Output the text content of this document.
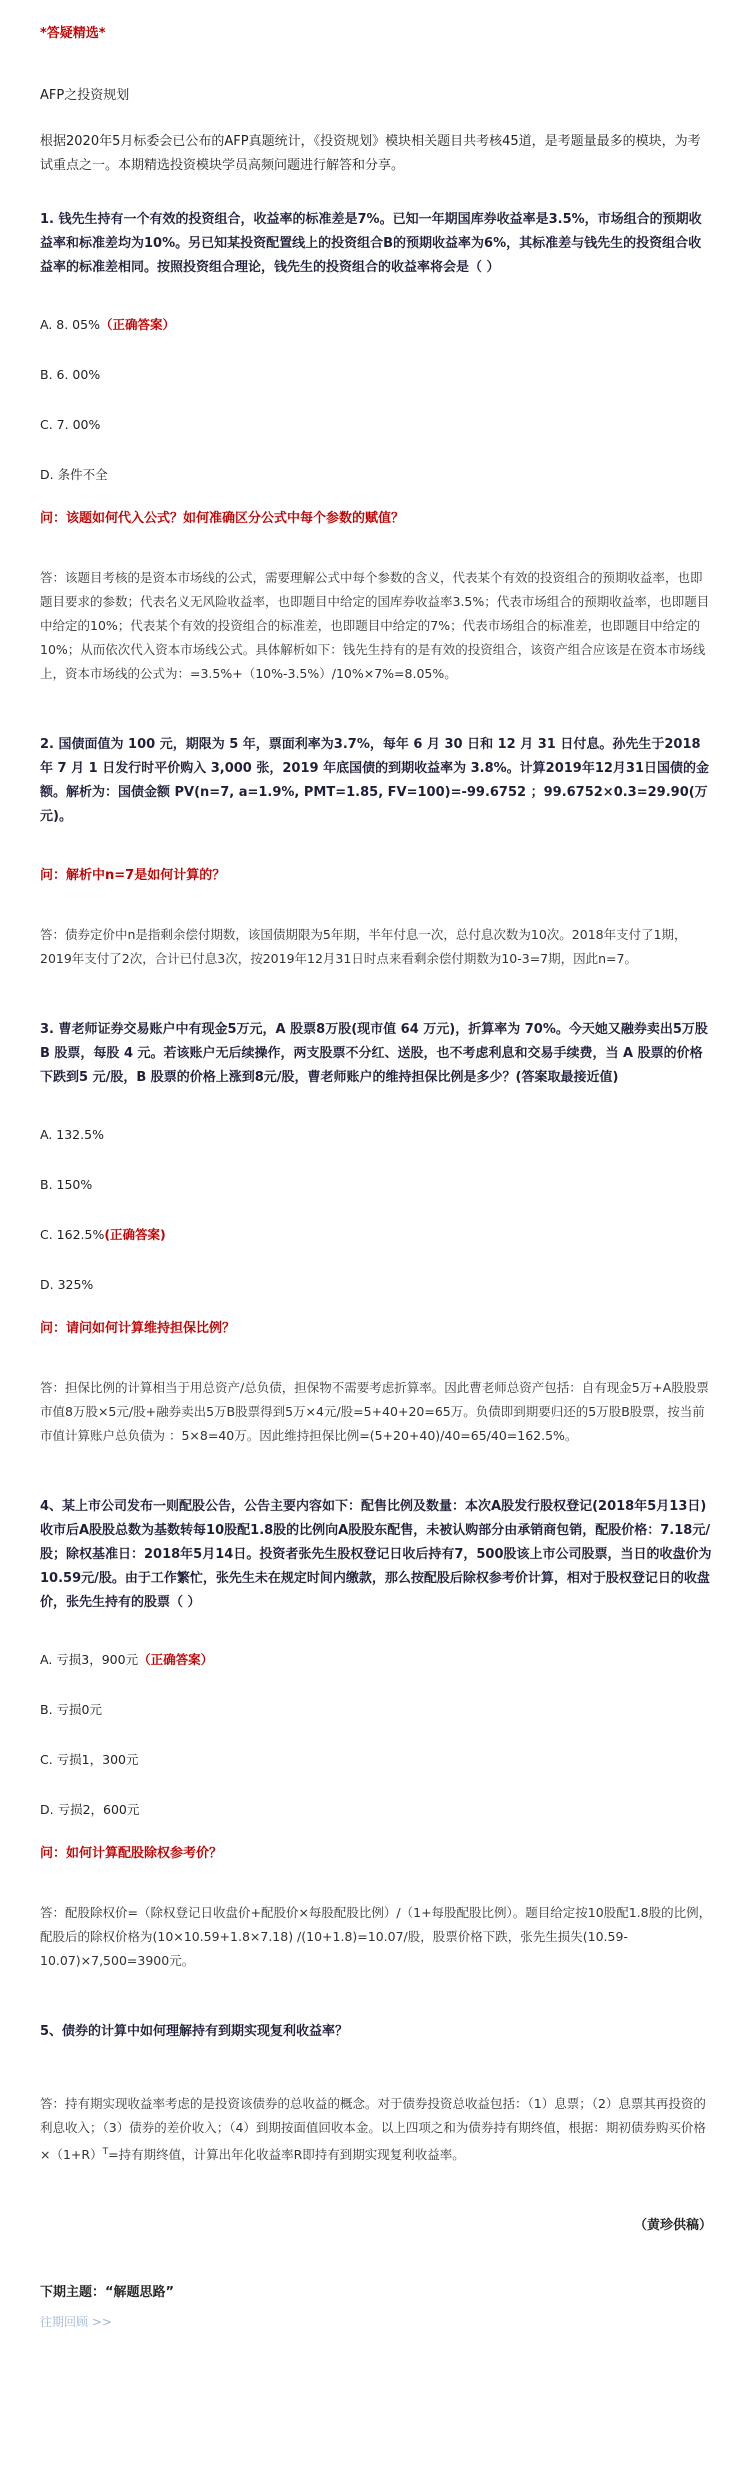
*答疑精选*

AFP之投资规划

根据2020年5月标委会已公布的AFP真题统计，《投资规划》模块相关题目共考核45道，是考题量最多的模块，为考试重点之一。本期精选投资模块学员高频问题进行解答和分享。

1. 钱先生持有一个有效的投资组合，收益率的标准差是7%。已知一年期国库券收益率是3.5%，市场组合的预期收益率和标准差均为10%。另已知某投资配置线上的投资组合B的预期收益率为6%，其标准差与钱先生的投资组合收益率的标准差相同。按照投资组合理论，钱先生的投资组合的收益率将会是（ ）

A. 8. 05%（正确答案）

B. 6. 00%

C. 7. 00%

D. 条件不全

问：该题如何代入公式？如何准确区分公式中每个参数的赋值？

答：该题目考核的是资本市场线的公式，需要理解公式中每个参数的含义，代表某个有效的投资组合的预期收益率，也即题目要求的参数；代表名义无风险收益率，也即题目中给定的国库券收益率3.5%；代表市场组合的预期收益率，也即题目中给定的10%；代表某个有效的投资组合的标准差，也即题目中给定的7%；代表市场组合的标准差，也即题目中给定的10%；从而依次代入资本市场线公式。具体解析如下：钱先生持有的是有效的投资组合，该资产组合应该是在资本市场线上，资本市场线的公式为：=3.5%+（10%-3.5%）/10%×7%=8.05%。

2. 国债面值为 100 元，期限为 5 年，票面利率为3.7%，每年 6 月 30 日和 12 月 31 日付息。孙先生于2018 年 7 月 1 日发行时平价购入 3,000 张，2019 年底国债的到期收益率为 3.8%。计算2019年12月31日国债的金额。解析为：国债金额 PV(n=7, a=1.9%, PMT=1.85, FV=100)=-99.6752 ；99.6752×0.3=29.90(万元)。

问：解析中n=7是如何计算的？

答：债券定价中n是指剩余偿付期数，该国债期限为5年期，半年付息一次，总付息次数为10次。2018年支付了1期，2019年支付了2次，合计已付息3次，按2019年12月31日时点来看剩余偿付期数为10-3=7期，因此n=7。

3. 曹老师证券交易账户中有现金5万元，A 股票8万股(现市值 64 万元)，折算率为 70%。今天她又融券卖出5万股 B 股票，每股 4 元。若该账户无后续操作，两支股票不分红、送股，也不考虑利息和交易手续费，当 A 股票的价格下跌到5 元/股，B 股票的价格上涨到8元/股，曹老师账户的维持担保比例是多少？(答案取最接近值)

A. 132.5%

B. 150%

C. 162.5%(正确答案)

D. 325%

问：请问如何计算维持担保比例？

答：担保比例的计算相当于用总资产/总负债，担保物不需要考虑折算率。因此曹老师总资产包括：自有现金5万+A股股票市值8万股×5元/股+融券卖出5万B股票得到5万×4元/股=5+40+20=65万。负债即到期要归还的5万股B股票，按当前市值计算账户总负债为 ：5×8=40万。因此维持担保比例=(5+20+40)/40=65/40=162.5%。

4、某上市公司发布一则配股公告，公告主要内容如下：配售比例及数量：本次A股发行股权登记(2018年5月13日)收市后A股股总数为基数转每10股配1.8股的比例向A股股东配售，未被认购部分由承销商包销，配股价格：7.18元/股；除权基准日：2018年5月14日。投资者张先生股权登记日收后持有7，500股该上市公司股票，当日的收盘价为10.59元/股。由于工作繁忙，张先生未在规定时间内缴款，那么按配股后除权参考价计算，相对于股权登记日的收盘价，张先生持有的股票（ ）

A. 亏损3，900元（正确答案）

B. 亏损0元

C. 亏损1，300元

D. 亏损2，600元

问：如何计算配股除权参考价？

答：配股除权价=（除权登记日收盘价+配股价×每股配股比例）/（1+每股配股比例）。题目给定按10股配1.8股的比例，配股后的除权价格为(10×10.59+1.8×7.18) /(10+1.8)=10.07/股，股票价格下跌，张先生损失(10.59-10.07)×7,500=3900元。

5、债券的计算中如何理解持有到期实现复利收益率？

答：持有期实现收益率考虑的是投资该债券的总收益的概念。对于债券投资总收益包括：（1）息票；（2）息票其再投资的利息收入；（3）债券的差价收入；（4）到期按面值回收本金。以上四项之和为债券持有期终值，根据：期初债券购买价格$\times(1+R)^T=$持有期终值，计算出年化收益率R即持有到期实现复利收益率。

（黄珍供稿）

下期主题：“解题思路”

往期回顾 >>
